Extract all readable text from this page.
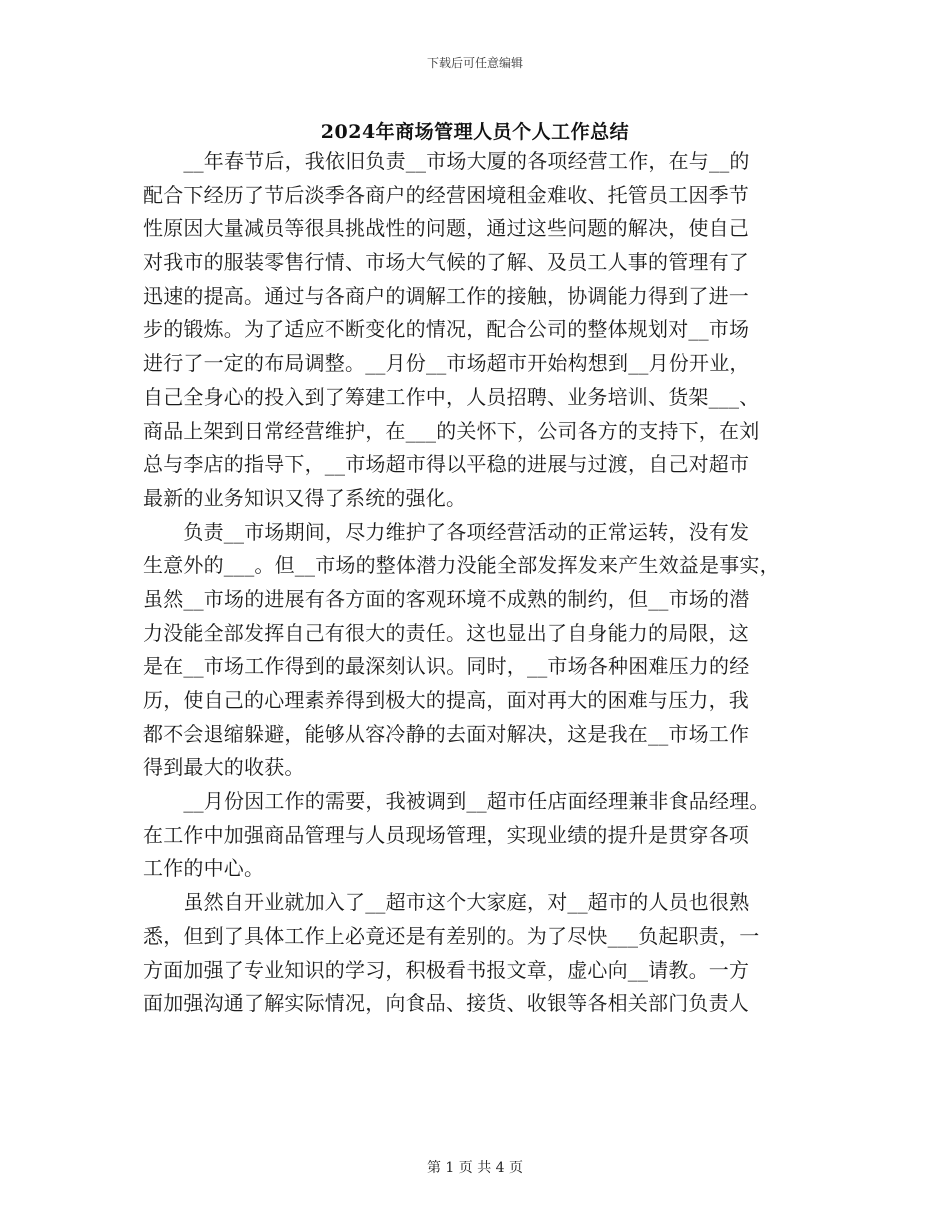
下载后可任意编辑
2024年商场管理人员个人工作总结
　　__年春节后，我依旧负责__市场大厦的各项经营工作，在与__的
配合下经历了节后淡季各商户的经营困境租金难收、托管员工因季节
性原因大量减员等很具挑战性的问题，通过这些问题的解决，使自己
对我市的服装零售行情、市场大气候的了解、及员工人事的管理有了
迅速的提高。通过与各商户的调解工作的接触，协调能力得到了进一
步的锻炼。为了适应不断变化的情况，配合公司的整体规划对__市场
进行了一定的布局调整。__月份__市场超市开始构想到__月份开业，
自己全身心的投入到了筹建工作中，人员招聘、业务培训、货架___、
商品上架到日常经营维护，在___的关怀下，公司各方的支持下，在刘
总与李店的指导下，__市场超市得以平稳的进展与过渡，自己对超市
最新的业务知识又得了系统的强化。
　　负责__市场期间，尽力维护了各项经营活动的正常运转，没有发
生意外的___。但__市场的整体潜力没能全部发挥发来产生效益是事实，
虽然__市场的进展有各方面的客观环境不成熟的制约，但__市场的潜
力没能全部发挥自己有很大的责任。这也显出了自身能力的局限，这
是在__市场工作得到的最深刻认识。同时，__市场各种困难压力的经
历，使自己的心理素养得到极大的提高，面对再大的困难与压力，我
都不会退缩躲避，能够从容冷静的去面对解决，这是我在__市场工作
得到最大的收获。
　　__月份因工作的需要，我被调到__超市任店面经理兼非食品经理。
在工作中加强商品管理与人员现场管理，实现业绩的提升是贯穿各项
工作的中心。
　　虽然自开业就加入了__超市这个大家庭，对__超市的人员也很熟
悉，但到了具体工作上必竟还是有差别的。为了尽快___负起职责，一
方面加强了专业知识的学习，积极看书报文章，虚心向__请教。一方
面加强沟通了解实际情况，向食品、接货、收银等各相关部门负责人
第 1 页 共 4 页
